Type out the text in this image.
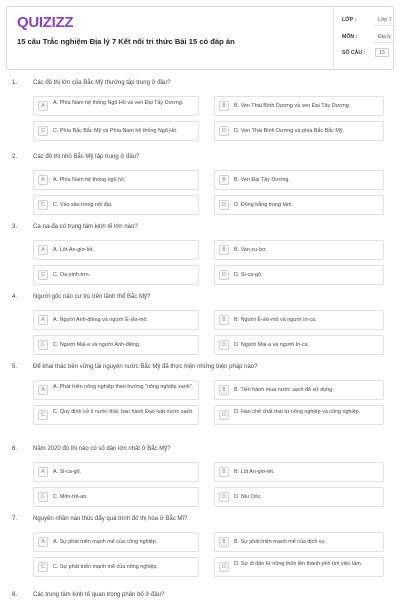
QUIZIZZ
15 câu Trắc nghiệm Địa lý 7 Kết nối tri thức Bài 15 có đáp án
LỚP :	Lớp 7
MÔN :	Địa lý
SỐ CÂU :	15
1.	Các đô thị lớn của Bắc Mỹ thường tập trung ở đâu?
A	A. Phía Nam hệ thống Ngũ Hồ và ven Đại Tây Dương.	B	B. Ven Thái Bình Dương và ven Đại Tây Dương.
C	C. Phía Bắc Bắc Mỹ và Phía Nam hệ thống Ngũ Hồ.	D	D. Ven Thái Bình Dương và phía Bắc Bắc Mỹ.
2.	Các đô thị nhỏ Bắc Mỹ tập trung ở đâu?
A	A. Phía Nam hệ thống ngũ hồ.	B	B. Ven Đại Tây Dương.
C	C. Vào sâu trong nội địa.	D	D. Đồng bằng trung tâm.
3.	Ca-na-đa có trung tâm kinh tế lớn nào?
A	A. Lốt-An-giơ-lét.	B	B. Van-cu-bơ.
C	C. Oa-sinh-tơn.	D	D. Si-ca-gô.
4.	Người gốc nào cư trú trên lãnh thổ Bắc Mỹ?
A	A. Người Anh-điêng và người Ê-xki-mô.	B	B. Người Ê-xki-mô và người In-ca.
C	C. Người Mai-a và người Anh-điêng.	D	D. Người Mai-a và người In-ca.
5.	Để khai thác bền vững tài nguyên nước Bắc Mỹ đã thực hiện những biện pháp nào?
A	A. Phát triển nông nghiệp theo hướng "nông nghiệp xanh".	B	B. Tiến hành mua nước sạch để sử dụng.
C	C. Quy định xử lí nước thải, ban hành Đạo luật nước sạch.	D	D. Hạn chế chất thải từ nông nghiệp và công nghiệp.
6.	Năm 2020 đô thị nào có số dân lớn nhất ở Bắc Mỹ?
A	A. Si-ca-gô.	B	B. Lốt An-giơ-lét.
C	C. Môn-trê-an.	D	D. Niu Oóc.
7.	Nguyên nhân nào thúc đẩy quá trình đô thị hóa ở Bắc Mĩ?
A	A. Sự phát triển mạnh mẽ của công nghiệp.	B	B. Sự phát triển mạnh mẽ của dịch vụ.
C	C. Sự phát triển mạnh mẽ của nông nghiệp.	D	D. Sự di dân từ nông thôn lên thành phố tìm việc làm.
8.	Các trung tâm kinh tế quan trọng phân bố ở đâu?
